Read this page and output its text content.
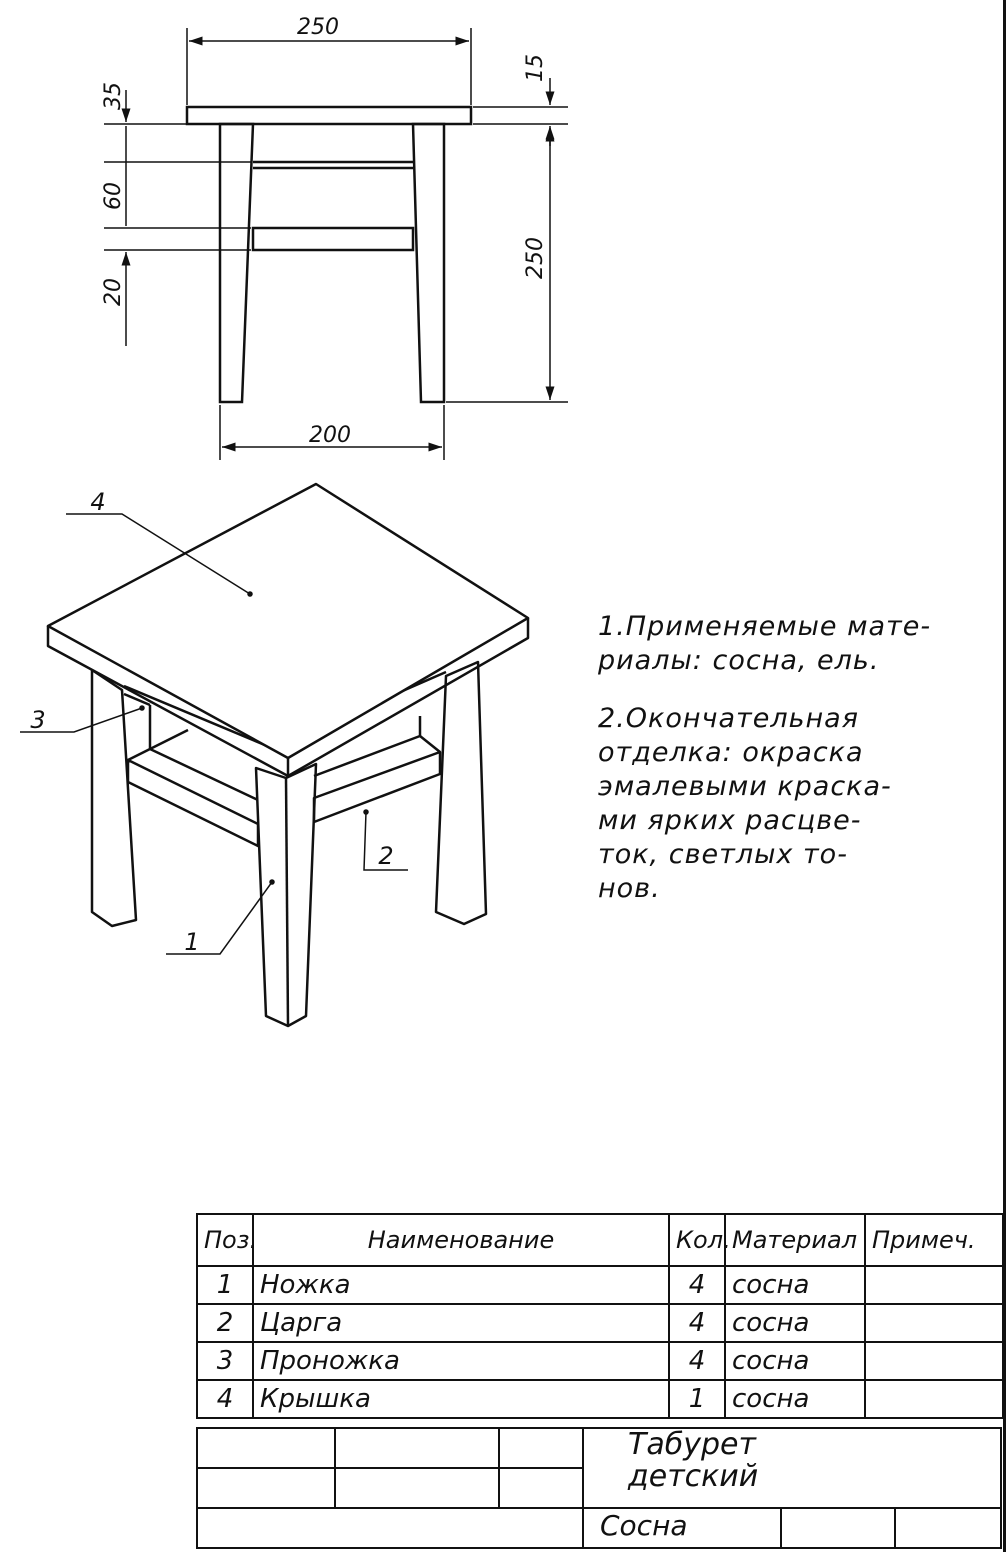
250
200
15
250
35
60
20
4
3
2
1

1.Применяемые мате-
риалы: сосна, ель.

2.Окончательная
отделка: окраска
эмалевыми краска-
ми ярких расцве-
ток, светлых то-
нов.

Поз.	Наименование	Кол.	Материал	Примеч.
1	Ножка	4	сосна	
2	Царга	4	сосна	
3	Проножка	4	сосна	
4	Крышка	1	сосна	
Табурет
детский
Сосна
